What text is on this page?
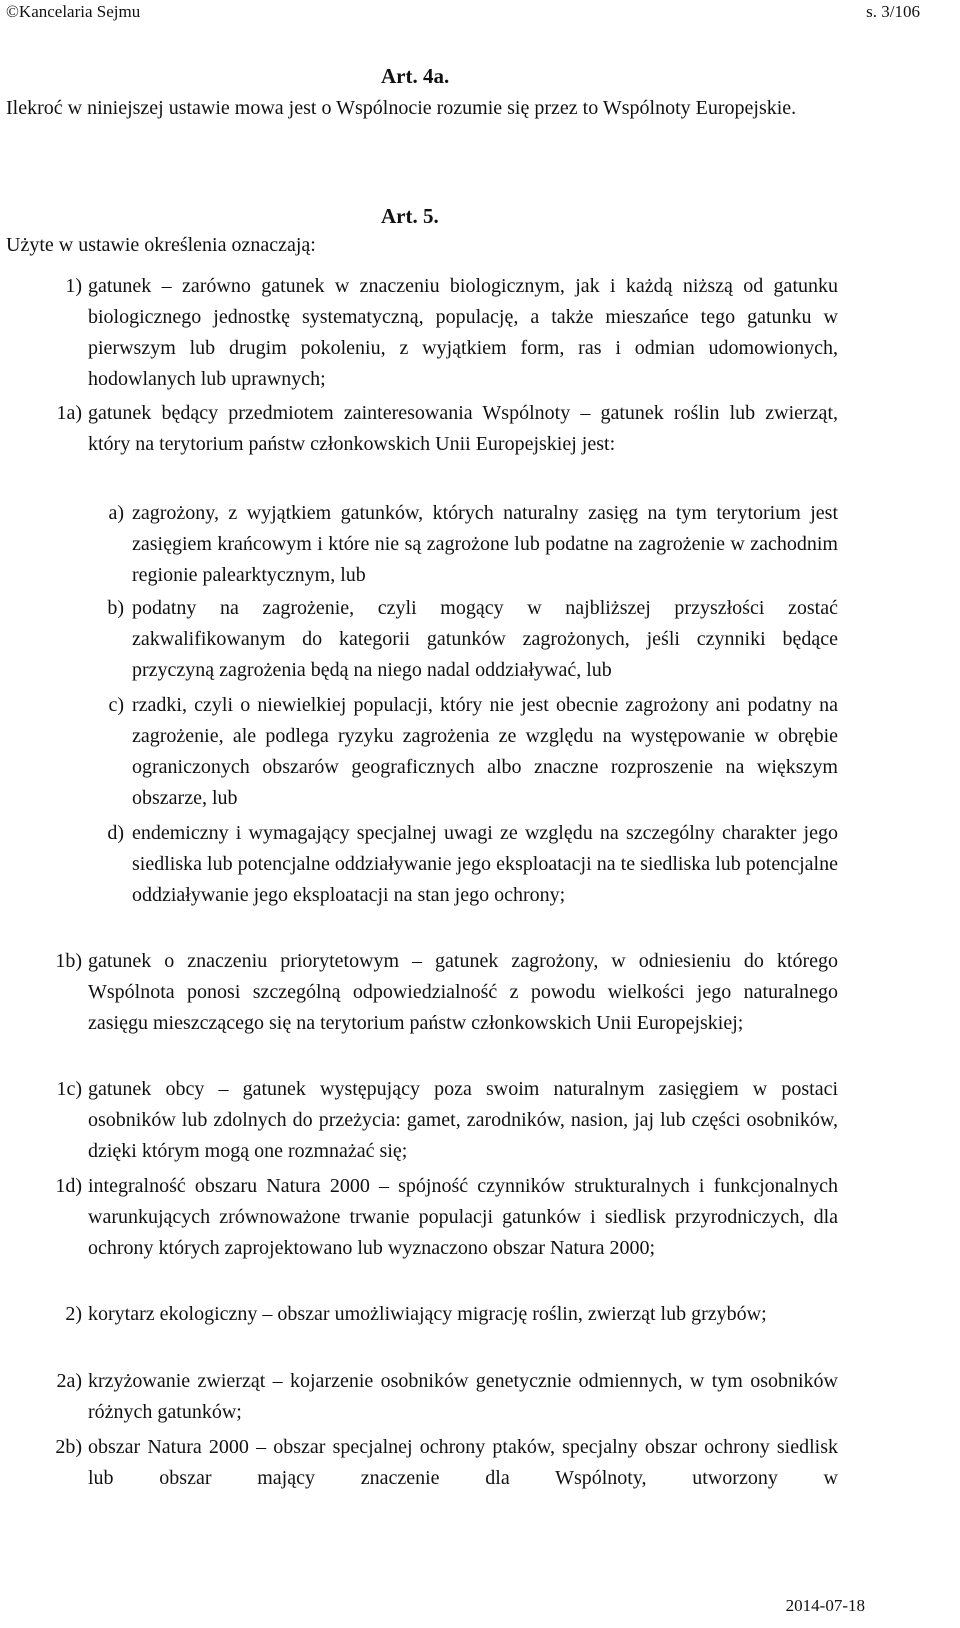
©Kancelaria Sejmu	s. 3/106
Art. 4a.
Ilekroć w niniejszej ustawie mowa jest o Wspólnocie rozumie się przez to Wspólnoty Europejskie.
Art. 5.
Użyte w ustawie określenia oznaczają:
1) gatunek – zarówno gatunek w znaczeniu biologicznym, jak i każdą niższą od gatunku biologicznego jednostkę systematyczną, populację, a także mieszańce tego gatunku w pierwszym lub drugim pokoleniu, z wyjątkiem form, ras i odmian udomowionych, hodowlanych lub uprawnych;
1a) gatunek będący przedmiotem zainteresowania Wspólnoty – gatunek roślin lub zwierząt, który na terytorium państw członkowskich Unii Europejskiej jest:
a) zagrożony, z wyjątkiem gatunków, których naturalny zasięg na tym terytorium jest zasięgiem krańcowym i które nie są zagrożone lub podatne na zagrożenie w zachodnim regionie palearktycznym, lub
b) podatny na zagrożenie, czyli mogący w najbliższej przyszłości zostać zakwalifikowanym do kategorii gatunków zagrożonych, jeśli czynniki będące przyczyną zagrożenia będą na niego nadal oddziaływać, lub
c) rzadki, czyli o niewielkiej populacji, który nie jest obecnie zagrożony ani podatny na zagrożenie, ale podlega ryzyku zagrożenia ze względu na występowanie w obrębie ograniczonych obszarów geograficznych albo znaczne rozproszenie na większym obszarze, lub
d) endemiczny i wymagający specjalnej uwagi ze względu na szczególny charakter jego siedliska lub potencjalne oddziaływanie jego eksploatacji na te siedliska lub potencjalne oddziaływanie jego eksploatacji na stan jego ochrony;
1b) gatunek o znaczeniu priorytetowym – gatunek zagrożony, w odniesieniu do którego Wspólnota ponosi szczególną odpowiedzialność z powodu wielkości jego naturalnego zasięgu mieszczącego się na terytorium państw członkowskich Unii Europejskiej;
1c) gatunek obcy – gatunek występujący poza swoim naturalnym zasięgiem w postaci osobników lub zdolnych do przeżycia: gamet, zarodników, nasion, jaj lub części osobników, dzięki którym mogą one rozmnażać się;
1d) integralność obszaru Natura 2000 – spójność czynników strukturalnych i funkcjonalnych warunkujących zrównoważone trwanie populacji gatunków i siedlisk przyrodniczych, dla ochrony których zaprojektowano lub wyznaczono obszar Natura 2000;
2) korytarz ekologiczny – obszar umożliwiający migrację roślin, zwierząt lub grzybów;
2a) krzyżowanie zwierząt – kojarzenie osobników genetycznie odmiennych, w tym osobników różnych gatunków;
2b) obszar Natura 2000 – obszar specjalnej ochrony ptaków, specjalny obszar ochrony siedlisk lub obszar mający znaczenie dla Wspólnoty, utworzony w
2014-07-18
